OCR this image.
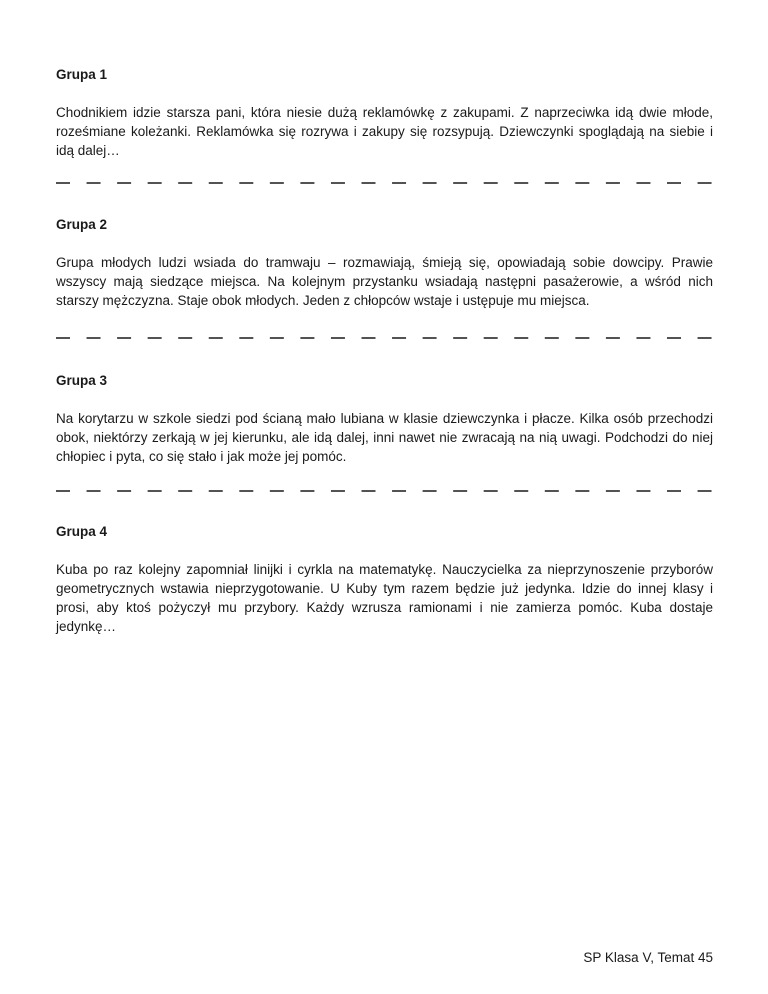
Grupa 1

Chodnikiem idzie starsza pani, która niesie dużą reklamówkę z zakupami. Z naprzeciwka idą dwie młode, roześmiane koleżanki. Reklamówka się rozrywa i zakupy się rozsypują. Dziewczynki spoglądają na siebie i idą dalej…

Grupa 2

Grupa młodych ludzi wsiada do tramwaju – rozmawiają, śmieją się, opowiadają sobie dowcipy. Prawie wszyscy mają siedzące miejsca. Na kolejnym przystanku wsiadają następni pasażerowie, a wśród nich starszy mężczyzna. Staje obok młodych. Jeden z chłopców wstaje i ustępuje mu miejsca.

Grupa 3

Na korytarzu w szkole siedzi pod ścianą mało lubiana w klasie dziewczynka i płacze. Kilka osób przechodzi obok, niektórzy zerkają w jej kierunku, ale idą dalej, inni nawet nie zwracają na nią uwagi. Podchodzi do niej chłopiec i pyta, co się stało i jak może jej pomóc.

Grupa 4

Kuba po raz kolejny zapomniał linijki i cyrkla na matematykę. Nauczycielka za nieprzynoszenie przyborów geometrycznych wstawia nieprzygotowanie. U Kuby tym razem będzie już jedynka. Idzie do innej klasy i prosi, aby ktoś pożyczył mu przybory. Każdy wzrusza ramionami i nie zamierza pomóc. Kuba dostaje jedynkę…

SP Klasa V, Temat 45
